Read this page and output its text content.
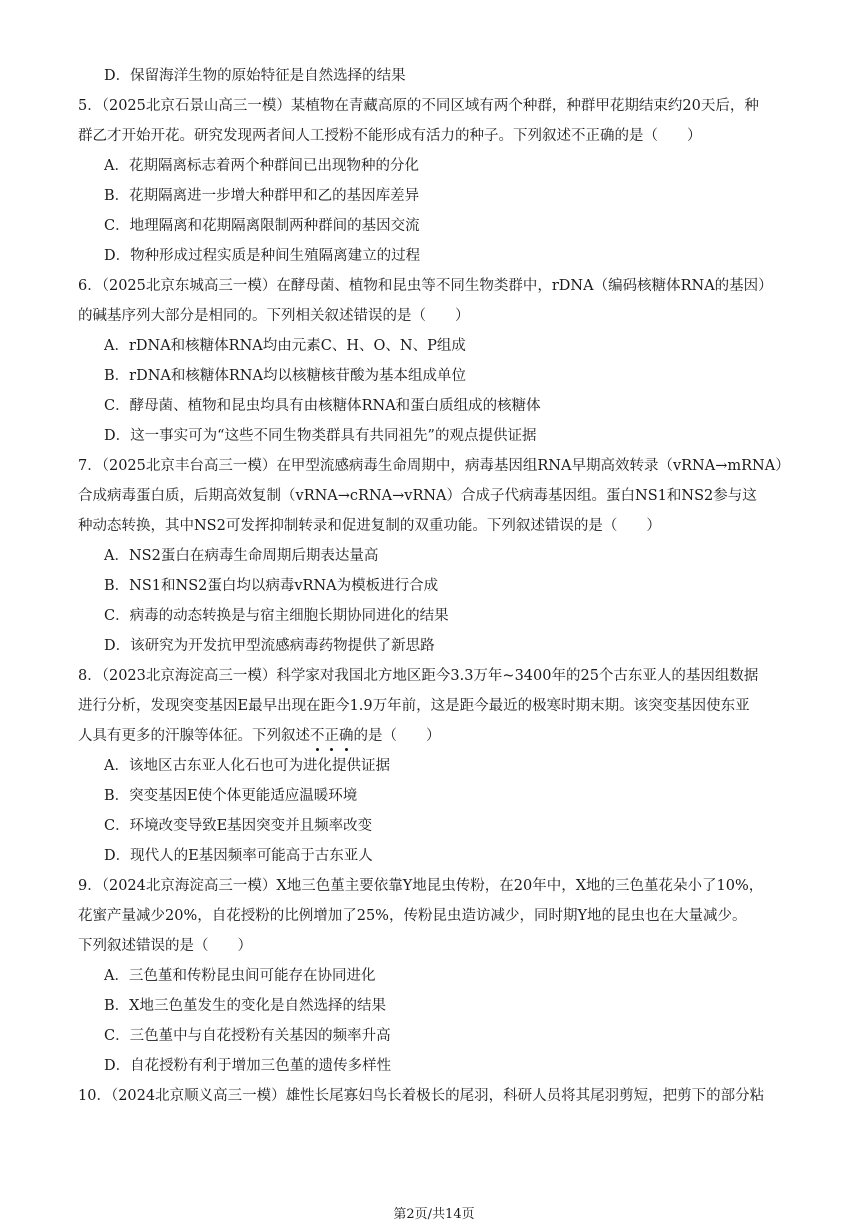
D．保留海洋生物的原始特征是自然选择的结果
5．（2025北京石景山高三一模）某植物在青藏高原的不同区域有两个种群，种群甲花期结束约20天后，种
群乙才开始开花。研究发现两者间人工授粉不能形成有活力的种子。下列叙述不正确的是（　　）
A．花期隔离标志着两个种群间已出现物种的分化
B．花期隔离进一步增大种群甲和乙的基因库差异
C．地理隔离和花期隔离限制两种群间的基因交流
D．物种形成过程实质是种间生殖隔离建立的过程
6．（2025北京东城高三一模）在酵母菌、植物和昆虫等不同生物类群中，rDNA（编码核糖体RNA的基因）
的碱基序列大部分是相同的。下列相关叙述错误的是（　　）
A．rDNA和核糖体RNA均由元素C、H、O、N、P组成
B．rDNA和核糖体RNA均以核糖核苷酸为基本组成单位
C．酵母菌、植物和昆虫均具有由核糖体RNA和蛋白质组成的核糖体
D．这一事实可为“这些不同生物类群具有共同祖先”的观点提供证据
7．（2025北京丰台高三一模）在甲型流感病毒生命周期中，病毒基因组RNA早期高效转录（vRNA→mRNA）
合成病毒蛋白质，后期高效复制（vRNA→cRNA→vRNA）合成子代病毒基因组。蛋白NS1和NS2参与这
种动态转换，其中NS2可发挥抑制转录和促进复制的双重功能。下列叙述错误的是（　　）
A．NS2蛋白在病毒生命周期后期表达量高
B．NS1和NS2蛋白均以病毒vRNA为模板进行合成
C．病毒的动态转换是与宿主细胞长期协同进化的结果
D．该研究为开发抗甲型流感病毒药物提供了新思路
8．（2023北京海淀高三一模）科学家对我国北方地区距今3.3万年~3400年的25个古东亚人的基因组数据
进行分析，发现突变基因E最早出现在距今1.9万年前，这是距今最近的极寒时期末期。该突变基因使东亚
人具有更多的汗腺等体征。下列叙述不正确的是（　　）
A．该地区古东亚人化石也可为进化提供证据
B．突变基因E使个体更能适应温暖环境
C．环境改变导致E基因突变并且频率改变
D．现代人的E基因频率可能高于古东亚人
9．（2024北京海淀高三一模）X地三色堇主要依靠Y地昆虫传粉，在20年中，X地的三色堇花朵小了10%，
花蜜产量减少20%，自花授粉的比例增加了25%，传粉昆虫造访减少，同时期Y地的昆虫也在大量减少。
下列叙述错误的是（　　）
A．三色堇和传粉昆虫间可能存在协同进化
B．X地三色堇发生的变化是自然选择的结果
C．三色堇中与自花授粉有关基因的频率升高
D．自花授粉有利于增加三色堇的遗传多样性
10．（2024北京顺义高三一模）雄性长尾寡妇鸟长着极长的尾羽，科研人员将其尾羽剪短，把剪下的部分粘
第2页/共14页
